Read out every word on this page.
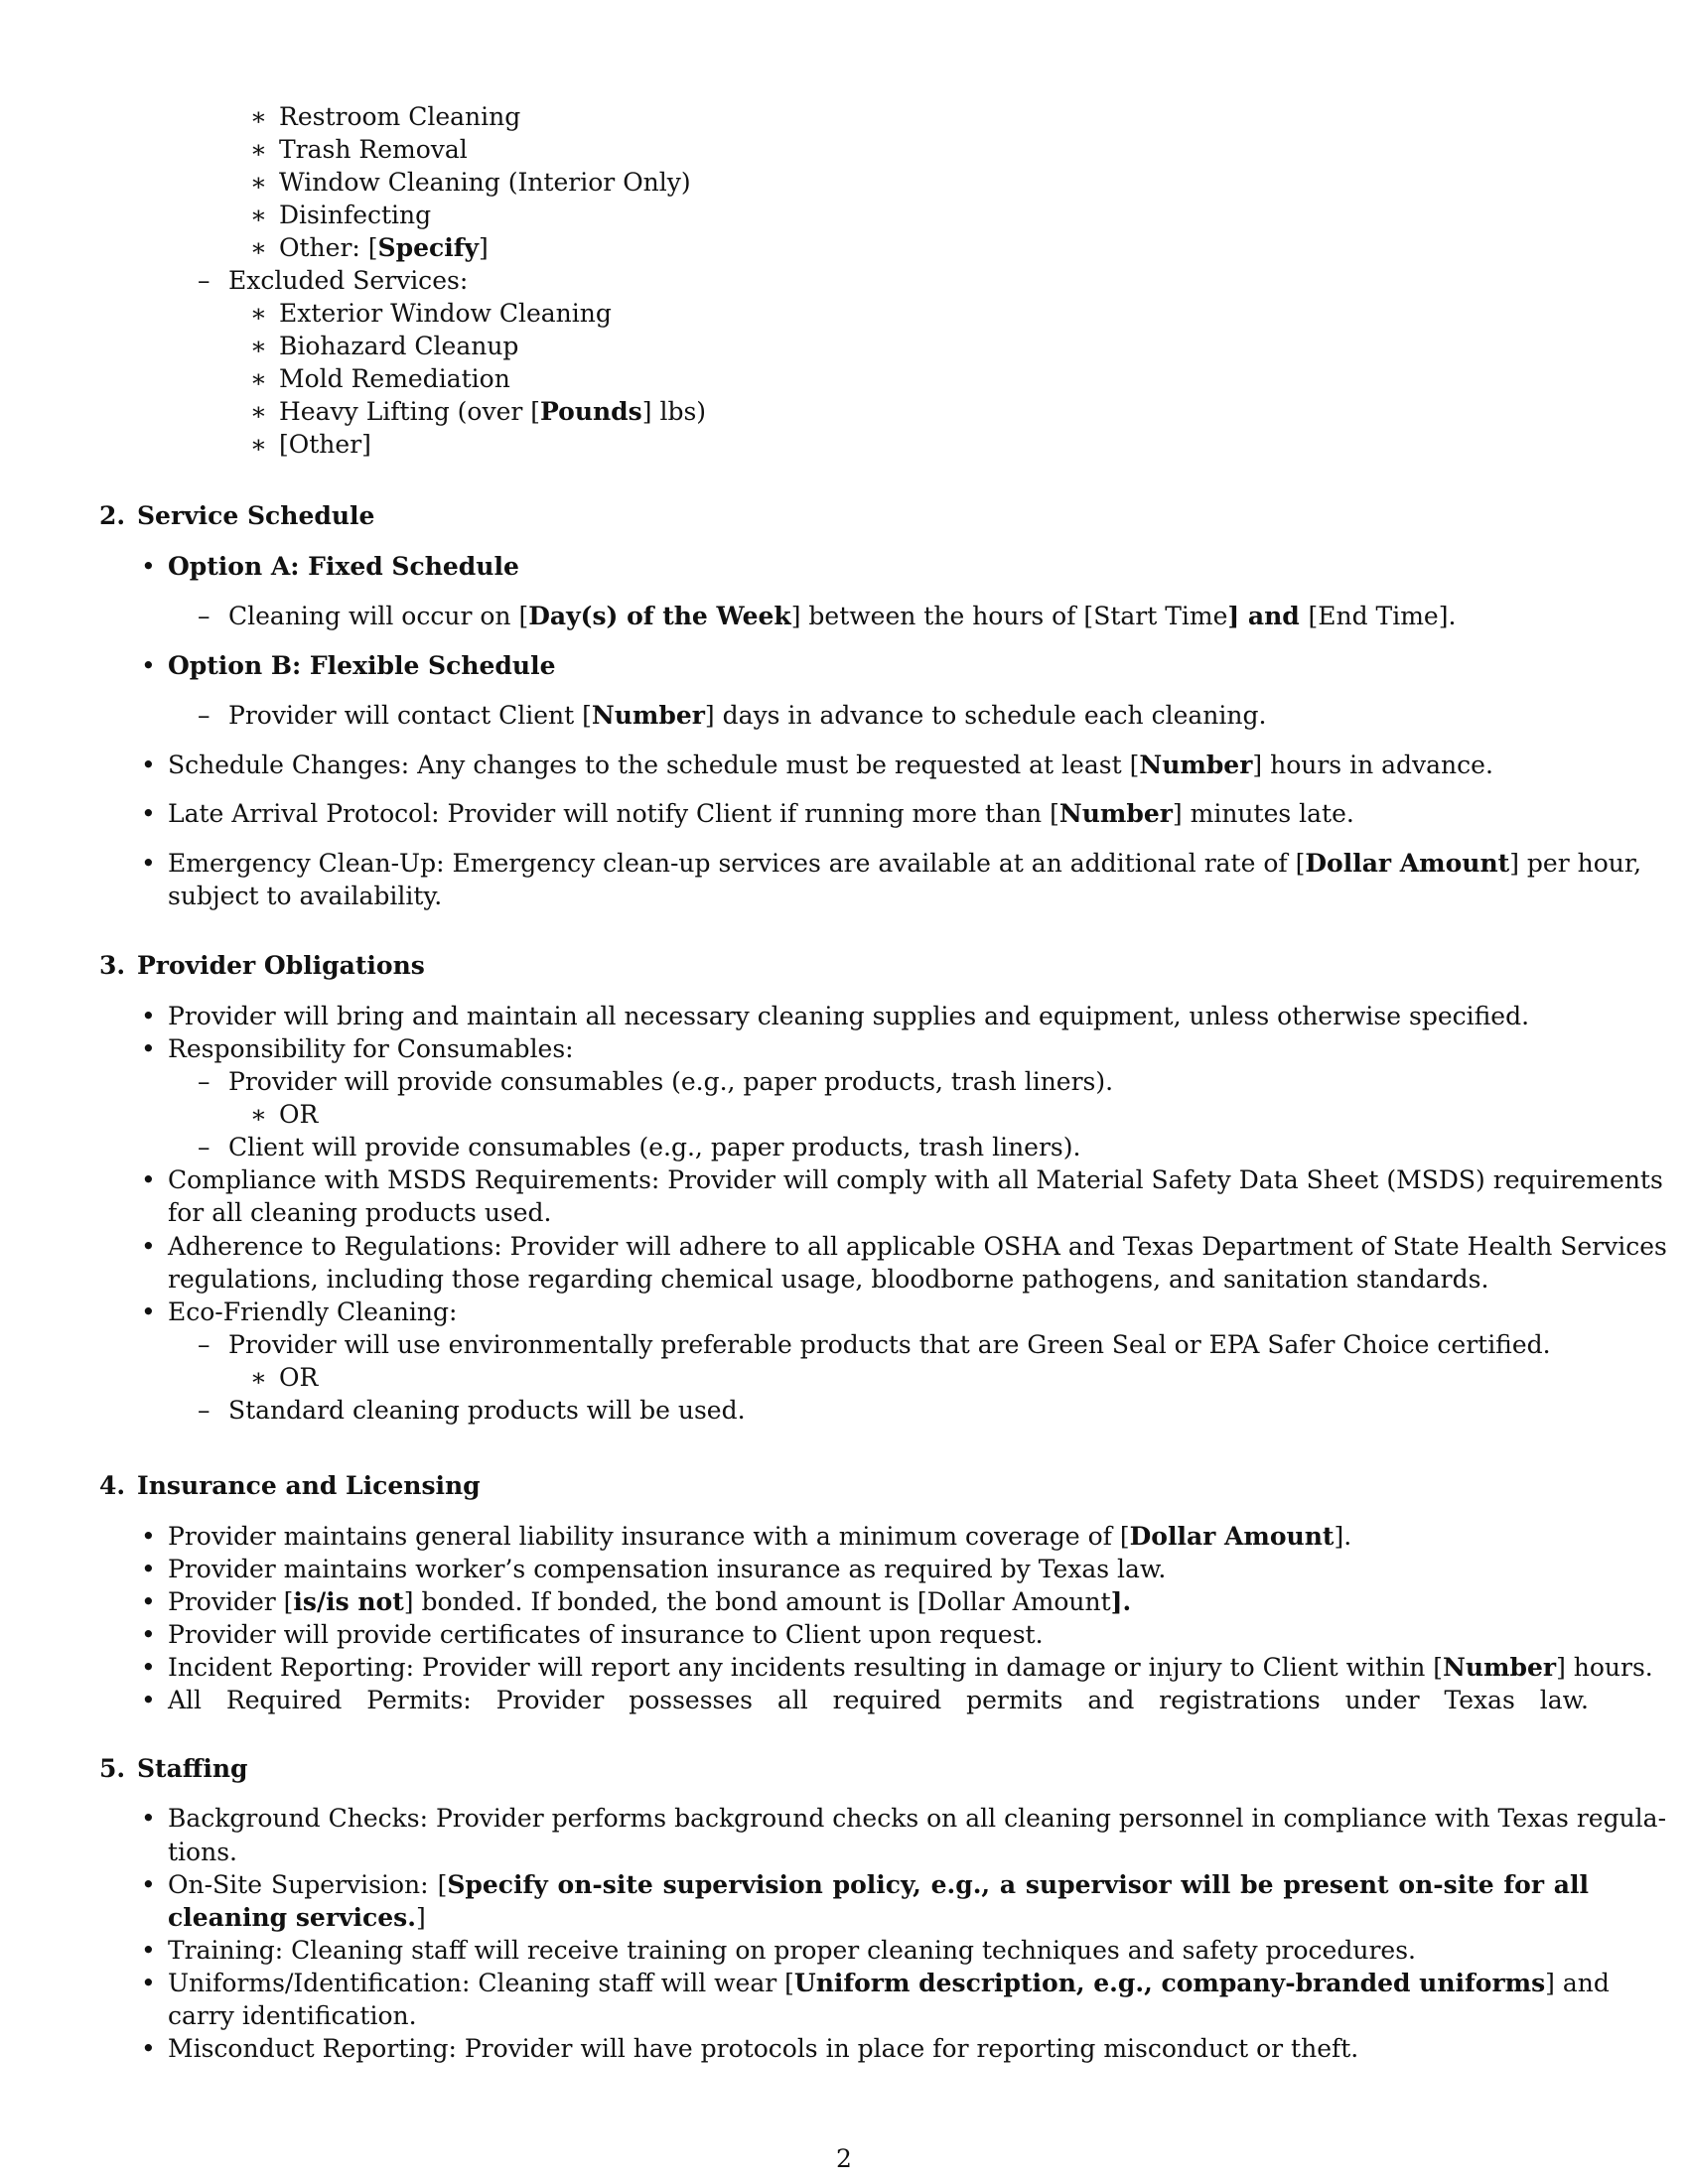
∗ Restroom Cleaning
∗ Trash Removal
∗ Window Cleaning (Interior Only)
∗ Disinfecting
∗ Other: [Specify]
– Excluded Services:
∗ Exterior Window Cleaning
∗ Biohazard Cleanup
∗ Mold Remediation
∗ Heavy Lifting (over [Pounds] lbs)
∗ [Other]
2. Service Schedule
• Option A: Fixed Schedule
– Cleaning will occur on [Day(s) of the Week] between the hours of [Start Time] and [End Time].
• Option B: Flexible Schedule
– Provider will contact Client [Number] days in advance to schedule each cleaning.
• Schedule Changes: Any changes to the schedule must be requested at least [Number] hours in advance.
• Late Arrival Protocol: Provider will notify Client if running more than [Number] minutes late.
• Emergency Clean-Up: Emergency clean-up services are available at an additional rate of [Dollar Amount] per hour,
subject to availability.
3. Provider Obligations
• Provider will bring and maintain all necessary cleaning supplies and equipment, unless otherwise specified.
• Responsibility for Consumables:
– Provider will provide consumables (e.g., paper products, trash liners).
∗ OR
– Client will provide consumables (e.g., paper products, trash liners).
• Compliance with MSDS Requirements: Provider will comply with all Material Safety Data Sheet (MSDS) requirements
for all cleaning products used.
• Adherence to Regulations: Provider will adhere to all applicable OSHA and Texas Department of State Health Services
regulations, including those regarding chemical usage, bloodborne pathogens, and sanitation standards.
• Eco-Friendly Cleaning:
– Provider will use environmentally preferable products that are Green Seal or EPA Safer Choice certified.
∗ OR
– Standard cleaning products will be used.
4. Insurance and Licensing
• Provider maintains general liability insurance with a minimum coverage of [Dollar Amount].
• Provider maintains worker’s compensation insurance as required by Texas law.
• Provider [is/is not] bonded. If bonded, the bond amount is [Dollar Amount].
• Provider will provide certificates of insurance to Client upon request.
• Incident Reporting: Provider will report any incidents resulting in damage or injury to Client within [Number] hours.
• All Required Permits: Provider possesses all required permits and registrations under Texas law.
5. Staffing
• Background Checks: Provider performs background checks on all cleaning personnel in compliance with Texas regula-
tions.
• On-Site Supervision: [Specify on-site supervision policy, e.g., a supervisor will be present on-site for all
cleaning services.]
• Training: Cleaning staff will receive training on proper cleaning techniques and safety procedures.
• Uniforms/Identification: Cleaning staff will wear [Uniform description, e.g., company-branded uniforms] and
carry identification.
• Misconduct Reporting: Provider will have protocols in place for reporting misconduct or theft.
2
